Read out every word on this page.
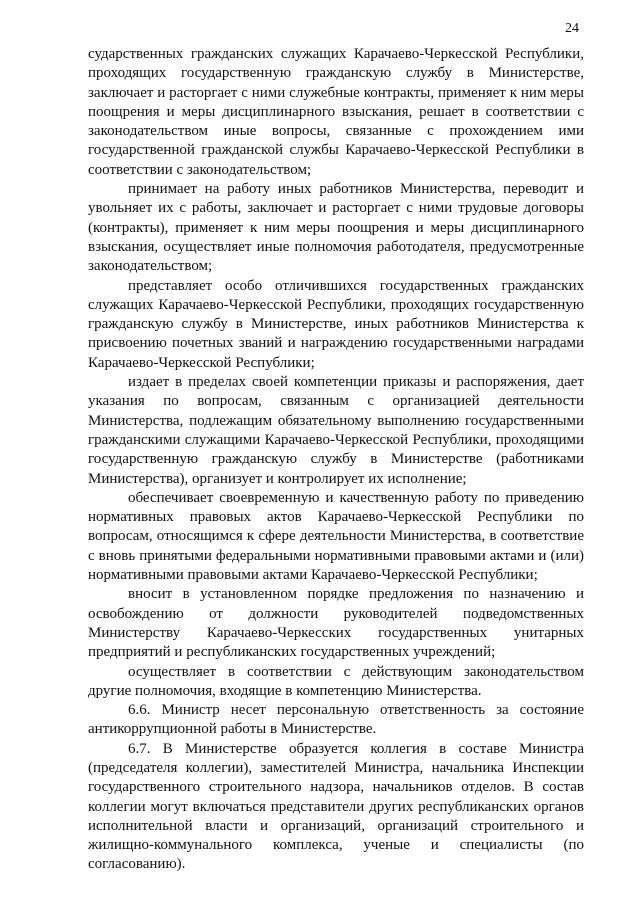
24

сударственных гражданских служащих Карачаево-Черкесской Республики, проходящих государственную гражданскую службу в Министерстве, заключает и расторгает с ними служебные контракты, применяет к ним меры поощрения и меры дисциплинарного взыскания, решает в соответствии с законодательством иные вопросы, связанные с прохождением ими государственной гражданской службы Карачаево-Черкесской Республики в соответствии с законодательством;

принимает на работу иных работников Министерства, переводит и увольняет их с работы, заключает и расторгает с ними трудовые договоры (контракты), применяет к ним меры поощрения и меры дисциплинарного взыскания, осуществляет иные полномочия работодателя, предусмотренные законодательством;

представляет особо отличившихся государственных гражданских служащих Карачаево-Черкесской Республики, проходящих государственную гражданскую службу в Министерстве, иных работников Министерства к присвоению почетных званий и награждению государственными наградами Карачаево-Черкесской Республики;

издает в пределах своей компетенции приказы и распоряжения, дает указания по вопросам, связанным с организацией деятельности Министерства, подлежащим обязательному выполнению государственными гражданскими служащими Карачаево-Черкесской Республики, проходящими государственную гражданскую службу в Министерстве (работниками Министерства), организует и контролирует их исполнение;

обеспечивает своевременную и качественную работу по приведению нормативных правовых актов Карачаево-Черкесской Республики по вопросам, относящимся к сфере деятельности Министерства, в соответствие с вновь принятыми федеральными нормативными правовыми актами и (или) нормативными правовыми актами Карачаево-Черкесской Республики;

вносит в установленном порядке предложения по назначению и освобождению от должности руководителей подведомственных Министерству Карачаево-Черкесских государственных унитарных предприятий и республиканских государственных учреждений;

осуществляет в соответствии с действующим законодательством другие полномочия, входящие в компетенцию Министерства.

6.6. Министр несет персональную ответственность за состояние антикоррупционной работы в Министерстве.

6.7. В Министерстве образуется коллегия в составе Министра (председателя коллегии), заместителей Министра, начальника Инспекции государственного строительного надзора, начальников отделов. В состав коллегии могут включаться представители других республиканских органов исполнительной власти и организаций, организаций строительного и жилищно-коммунального комплекса, ученые и специалисты (по согласованию).
